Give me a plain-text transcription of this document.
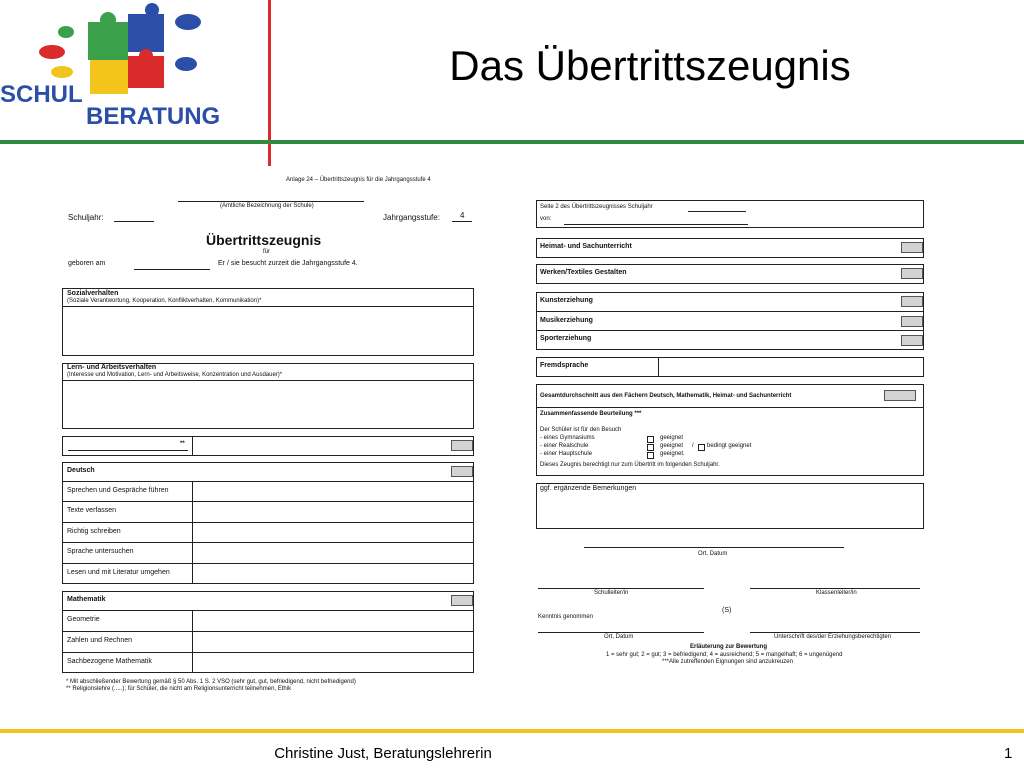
SCHUL
BERATUNG
Das Übertrittszeugnis
Anlage 24 – Übertrittszeugnis für die Jahrgangsstufe 4
(Amtliche Bezeichnung der Schule)
Schuljahr:	Jahrgangsstufe:	4
Übertrittszeugnis
für
geboren am	Er / sie besucht zurzeit die Jahrgangsstufe 4.
Sozialverhalten
(Soziale Verantwortung, Kooperation, Konfliktverhalten, Kommunikation)*
Lern- und Arbeitsverhalten
(Interesse und Motivation, Lern- und Arbeitsweise, Konzentration und Ausdauer)*
**
Deutsch
Sprechen und Gespräche führen
Texte verfassen
Richtig schreiben
Sprache untersuchen
Lesen und mit Literatur umgehen
Mathematik
Geometrie
Zahlen und Rechnen
Sachbezogene Mathematik
* Mit abschließender Bewertung gemäß § 50 Abs. 1 S. 2 VSO (sehr gut, gut, befriedigend, nicht befriedigend)
** Religionslehre (.....); für Schüler, die nicht am Religionsunterricht teilnehmen, Ethik
Seite 2 des Übertrittszeugnisses Schuljahr
von:
Heimat- und Sachunterricht
Werken/Textiles Gestalten
Kunsterziehung
Musikerziehung
Sporterziehung
Fremdsprache
Gesamtdurchschnitt aus den Fächern Deutsch, Mathematik, Heimat- und Sachunterricht
Zusammenfassende Beurteilung ***
Der Schüler ist für den Besuch
- eines Gymnasiums	geeignet
- einer Realschule	geeignet / bedingt geeignet
- einer Hauptschule	geeignet.
Dieses Zeugnis berechtigt nur zum Übertritt im folgenden Schuljahr.
ggf. ergänzende Bemerkungen
Ort, Datum
Schulleiter/in	Klassenleiter/in
(S)
Kenntnis genommen
Ort, Datum	Unterschrift des/der Erziehungsberechtigten
Erläuterung zur Bewertung
1 = sehr gut; 2 = gut; 3 = befriedigend; 4 = ausreichend; 5 = mangelhaft; 6 = ungenügend
***Alle zutreffenden Eignungen sind anzukreuzen
Christine Just, Beratungslehrerin	1
